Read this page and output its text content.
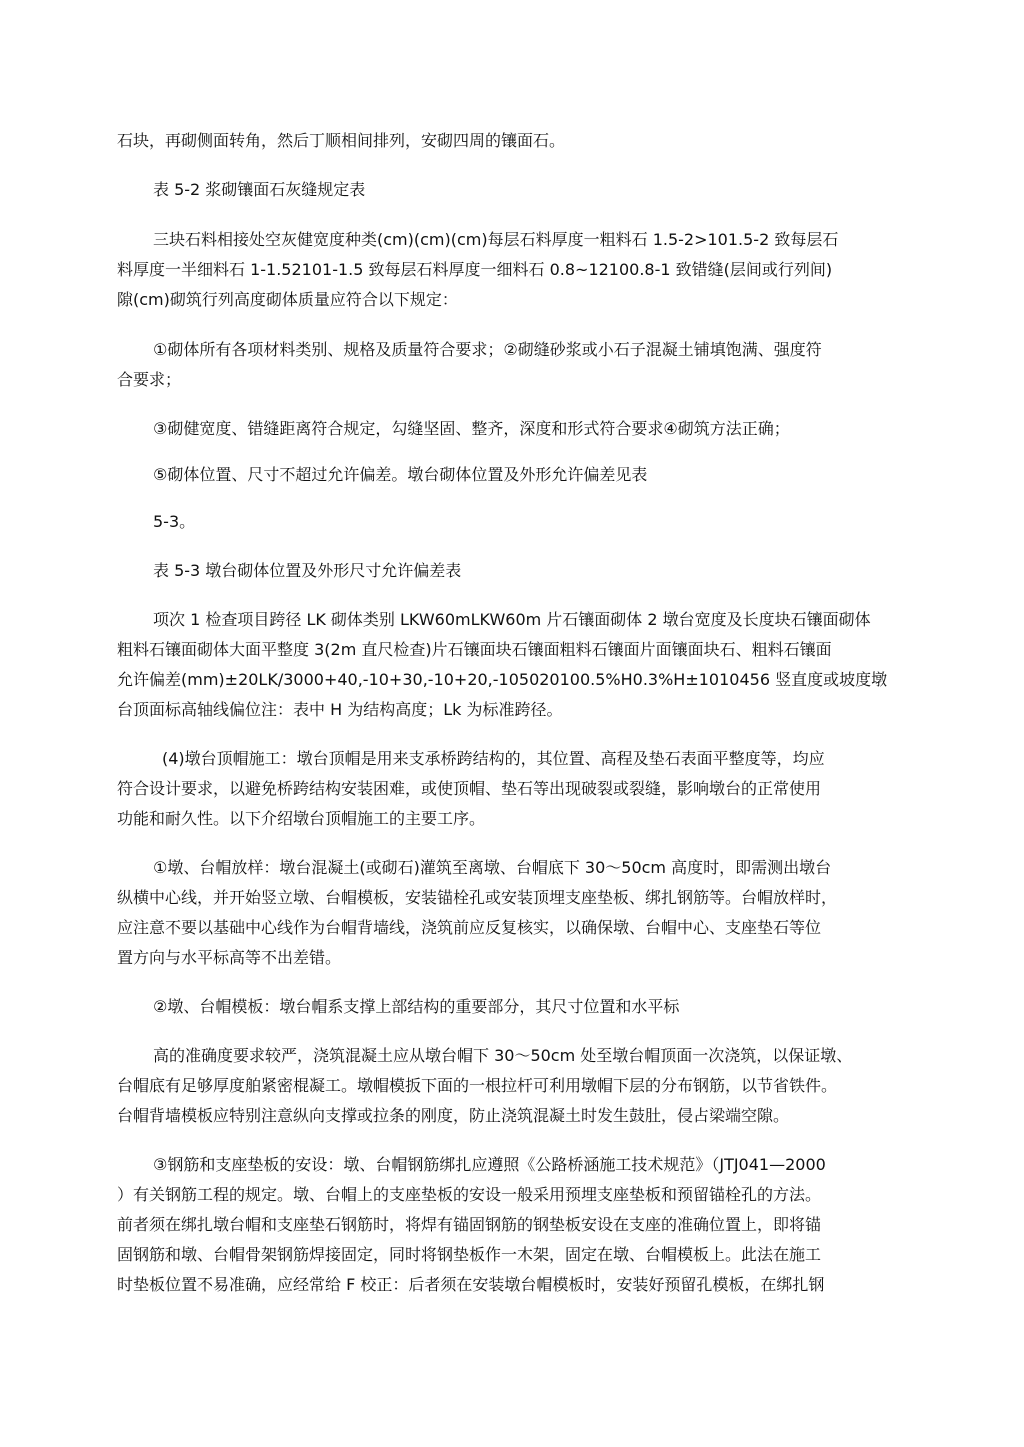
石块，再砌侧面转角，然后丁顺相间排列，安砌四周的镶面石。
表 5-2 浆砌镶面石灰缝规定表
三块石料相接处空灰健宽度种类(cm)(cm)(cm)每层石料厚度一粗料石 1.5-2>101.5-2 致每层石
料厚度一半细料石 1-1.52101-1.5 致每层石料厚度一细料石 0.8~12100.8-1 致错缝(层间或行列间)
隙(cm)砌筑行列高度砌体质量应符合以下规定：
①砌体所有各项材料类别、规格及质量符合要求；②砌缝砂浆或小石子混凝土铺填饱满、强度符
合要求；
③砌健宽度、错缝距离符合规定，勾缝坚固、整齐，深度和形式符合要求④砌筑方法正确；
⑤砌体位置、尺寸不超过允许偏差。墩台砌体位置及外形允许偏差见表
5-3。
表 5-3 墩台砌体位置及外形尺寸允许偏差表
项次 1 检查项目跨径 LK 砌体类别 LKW60mLKW60m 片石镶面砌体 2 墩台宽度及长度块石镶面砌体
粗料石镶面砌体大面平整度 3(2m 直尺检查)片石镶面块石镶面粗料石镶面片面镶面块石、粗料石镶面
允许偏差(mm)±20LK/3000+40,-10+30,-10+20,-105020100.5%H0.3%H±1010456 竖直度或坡度墩
台顶面标高轴线偏位注：表中 H 为结构高度；Lk 为标准跨径。
(4)墩台顶帽施工：墩台顶帽是用来支承桥跨结构的，其位置、高程及垫石表面平整度等，均应
符合设计要求，以避免桥跨结构安装困难，或使顶帽、垫石等出现破裂或裂缝，影响墩台的正常使用
功能和耐久性。以下介绍墩台顶帽施工的主要工序。
①墩、台帽放样：墩台混凝土(或砌石)灌筑至离墩、台帽底下 30～50cm 高度时，即需测出墩台
纵横中心线，并开始竖立墩、台帽模板，安装锚栓孔或安装顶埋支座垫板、绑扎钢筋等。台帽放样时，
应注意不要以基础中心线作为台帽背墙线，浇筑前应反复核实，以确保墩、台帽中心、支座垫石等位
置方向与水平标高等不出差错。
②墩、台帽模板：墩台帽系支撑上部结构的重要部分，其尺寸位置和水平标
高的准确度要求较严，浇筑混凝土应从墩台帽下 30～50cm 处至墩台帽顶面一次浇筑，以保证墩、
台帽底有足够厚度舶紧密棍凝工。墩帽模扳下面的一根拉杆可利用墩帽下层的分布钢筋，以节省铁件。
台帽背墙模板应特别注意纵向支撑或拉条的刚度，防止浇筑混凝土时发生鼓肚，侵占梁端空隙。
③钢筋和支座垫板的安设：墩、台帽钢筋绑扎应遵照《公路桥涵施工技术规范》（JTJ041—2000
）有关钢筋工程的规定。墩、台帽上的支座垫板的安设一般采用预埋支座垫板和预留锚栓孔的方法。
前者须在绑扎墩台帽和支座垫石钢筋时，将焊有锚固钢筋的钢垫板安设在支座的准确位置上，即将锚
固钢筋和墩、台帽骨架钢筋焊接固定，同时将钢垫板作一木架，固定在墩、台帽模板上。此法在施工
时垫板位置不易准确，应经常给 F 校正：后者须在安装墩台帽模板时，安装好预留孔模板，在绑扎钢
